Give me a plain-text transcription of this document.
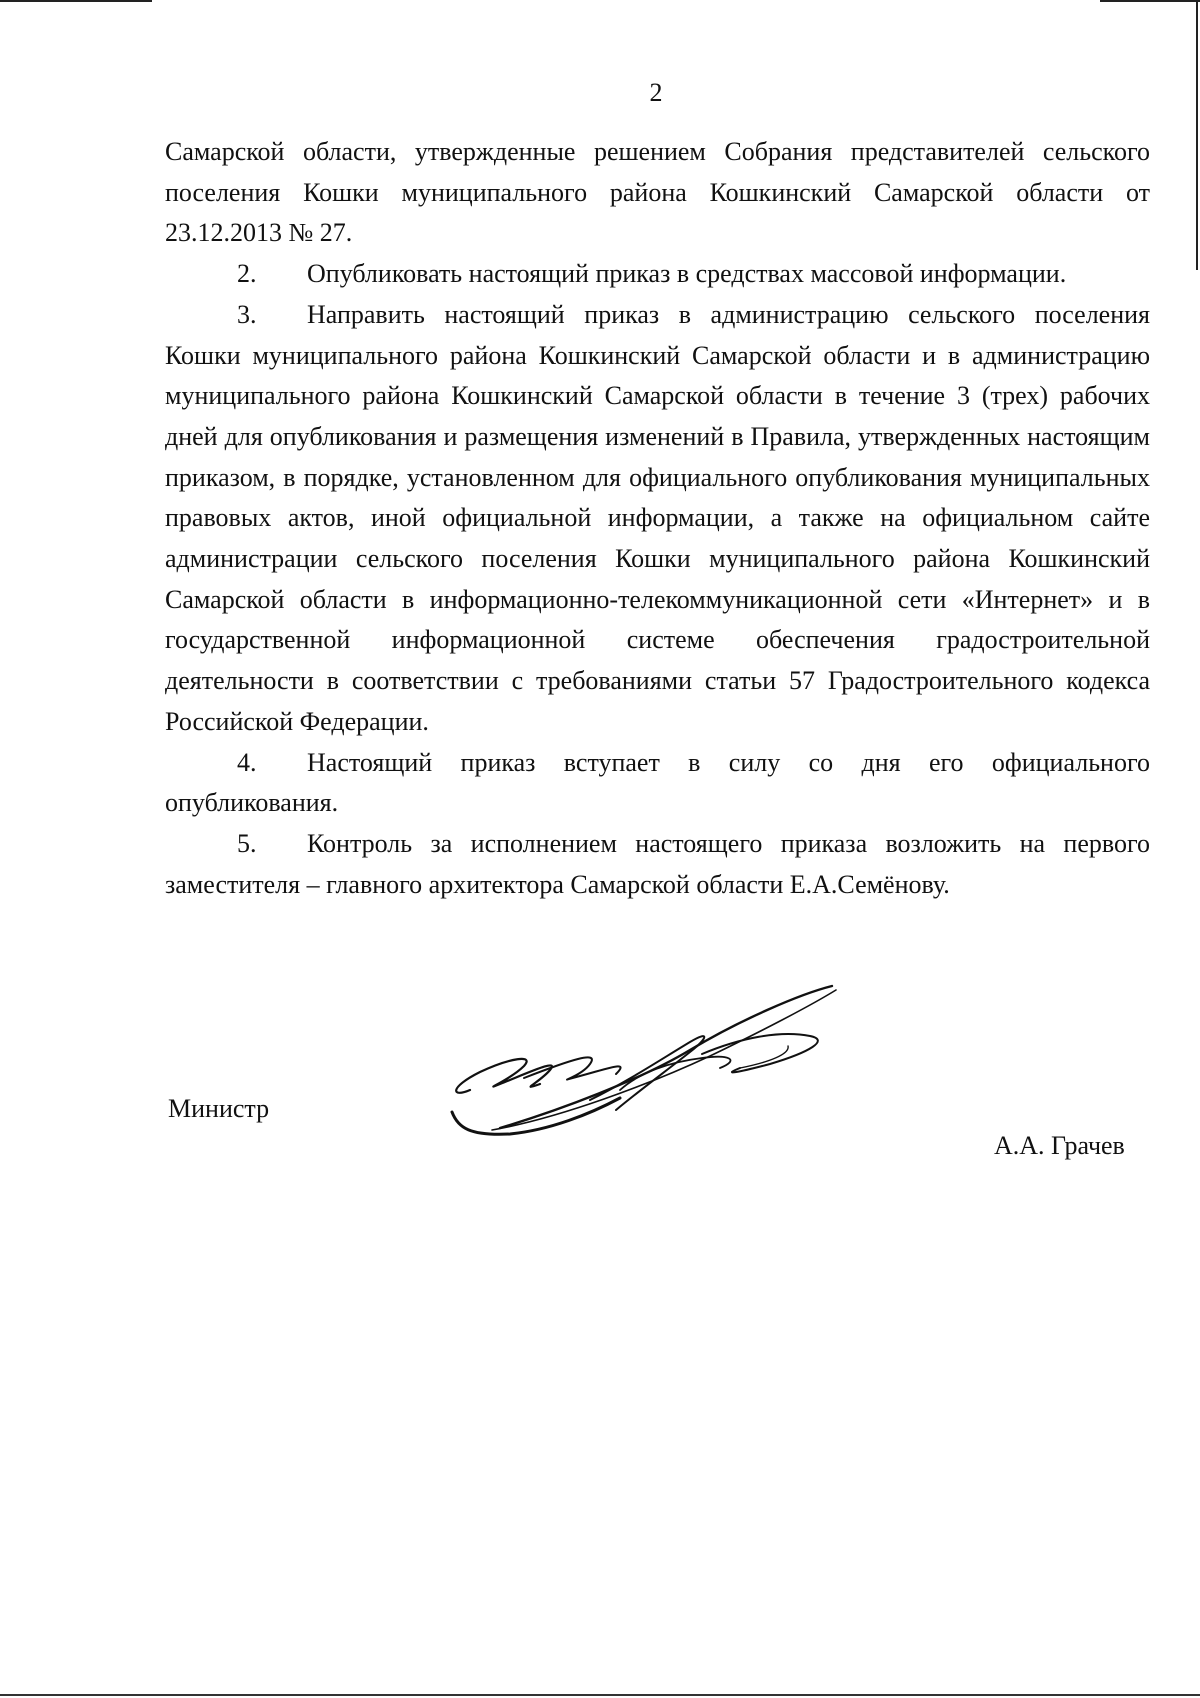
2

Самарской области, утвержденные решением Собрания представителей сельского поселения Кошки муниципального района Кошкинский Самарской области от 23.12.2013 № 27.

2. Опубликовать настоящий приказ в средствах массовой информации.

3. Направить настоящий приказ в администрацию сельского поселения Кошки муниципального района Кошкинский Самарской области и в администрацию муниципального района Кошкинский Самарской области в течение 3 (трех) рабочих дней для опубликования и размещения изменений в Правила, утвержденных настоящим приказом, в порядке, установленном для официального опубликования муниципальных правовых актов, иной официальной информации, а также на официальном сайте администрации сельского поселения Кошки муниципального района Кошкинский Самарской области в информационно-телекоммуникационной сети «Интернет» и в государственной информационной системе обеспечения градостроительной деятельности в соответствии с требованиями статьи 57 Градостроительного кодекса Российской Федерации.

4. Настоящий приказ вступает в силу со дня его официального опубликования.

5. Контроль за исполнением настоящего приказа возложить на первого заместителя – главного архитектора Самарской области Е.А.Семёнову.

Министр
А.А. Грачев
